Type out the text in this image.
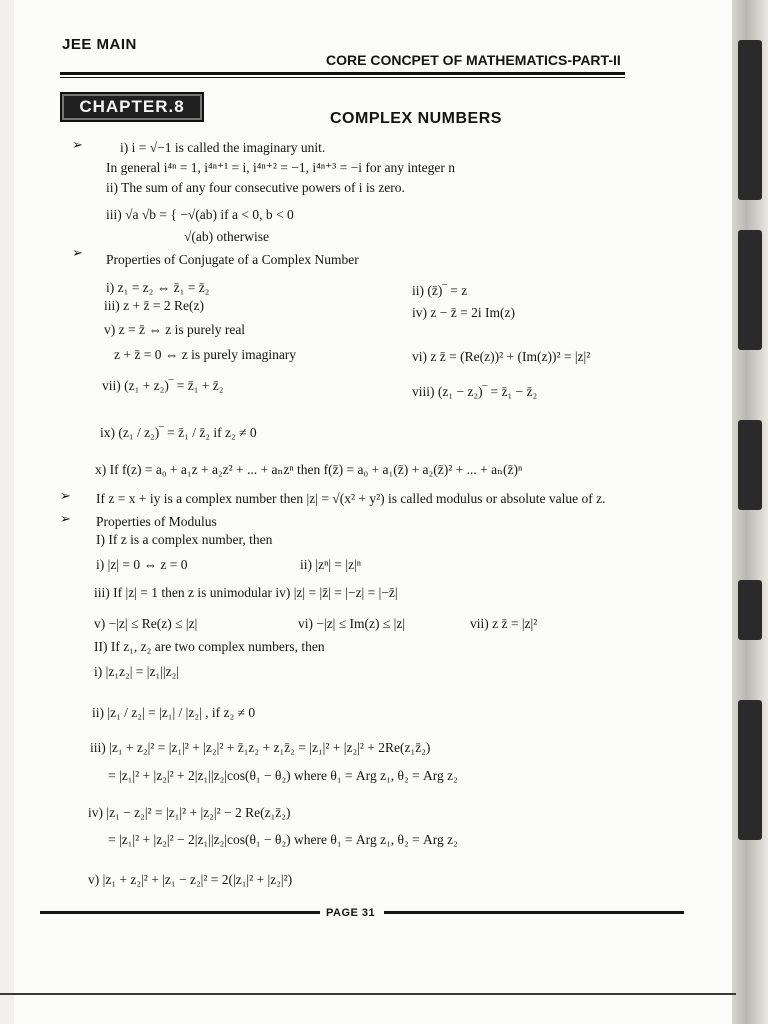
JEE MAIN
CORE CONCPET OF MATHEMATICS-PART-II
CHAPTER.8
COMPLEX NUMBERS
i) i = √−1 is called the imaginary unit.
In general i⁴ⁿ = 1, i⁴ⁿ⁺¹ = i, i⁴ⁿ⁺² = −1, i⁴ⁿ⁺³ = −i for any integer n
ii) The sum of any four consecutive powers of i is zero.
iii) √a √b = { −√(ab) if a < 0, b < 0
√(ab) otherwise
Properties of Conjugate of a Complex Number
i) z₁ = z₂ ⇔ z̄₁ = z̄₂	ii) (z̄)‾ = z
iii) z + z̄ = 2 Re(z)	iv) z − z̄ = 2i Im(z)
v) z = z̄ ⇔ z is purely real
z + z̄ = 0 ⇔ z is purely imaginary	vi) z z̄ = (Re(z))² + (Im(z))² = |z|²
vii) (z₁ + z₂)‾ = z̄₁ + z̄₂	viii) (z₁ − z₂)‾ = z̄₁ − z̄₂
ix) (z₁ / z₂)‾ = z̄₁ / z̄₂ if z₂ ≠ 0
x) If f(z) = a₀ + a₁z + a₂z² + ... + aₙzⁿ then f(z̄) = a₀ + a₁(z̄) + a₂(z̄)² + ... + aₙ(z̄)ⁿ
If z = x + iy is a complex number then |z| = √(x² + y²) is called modulus or absolute value of z.
Properties of Modulus
I) If z is a complex number, then
i) |z| = 0 ⇔ z = 0	ii) |zⁿ| = |z|ⁿ
iii) If |z| = 1 then z is unimodular iv) |z| = |z̄| = |−z| = |−z̄|
v) −|z| ≤ Re(z) ≤ |z|	vi) −|z| ≤ Im(z) ≤ |z|	vii) z z̄ = |z|²
II) If z₁, z₂ are two complex numbers, then
i) |z₁z₂| = |z₁||z₂|
ii) |z₁ / z₂| = |z₁| / |z₂| , if z₂ ≠ 0
iii) |z₁ + z₂|² = |z₁|² + |z₂|² + z̄₁z₂ + z₁z̄₂ = |z₁|² + |z₂|² + 2Re(z₁z̄₂)
= |z₁|² + |z₂|² + 2|z₁||z₂|cos(θ₁ − θ₂) where θ₁ = Arg z₁, θ₂ = Arg z₂
iv) |z₁ − z₂|² = |z₁|² + |z₂|² − 2 Re(z₁z̄₂)
= |z₁|² + |z₂|² − 2|z₁||z₂|cos(θ₁ − θ₂) where θ₁ = Arg z₁, θ₂ = Arg z₂
v) |z₁ + z₂|² + |z₁ − z₂|² = 2(|z₁|² + |z₂|²)
➢
➢
➢
➢
PAGE 31
